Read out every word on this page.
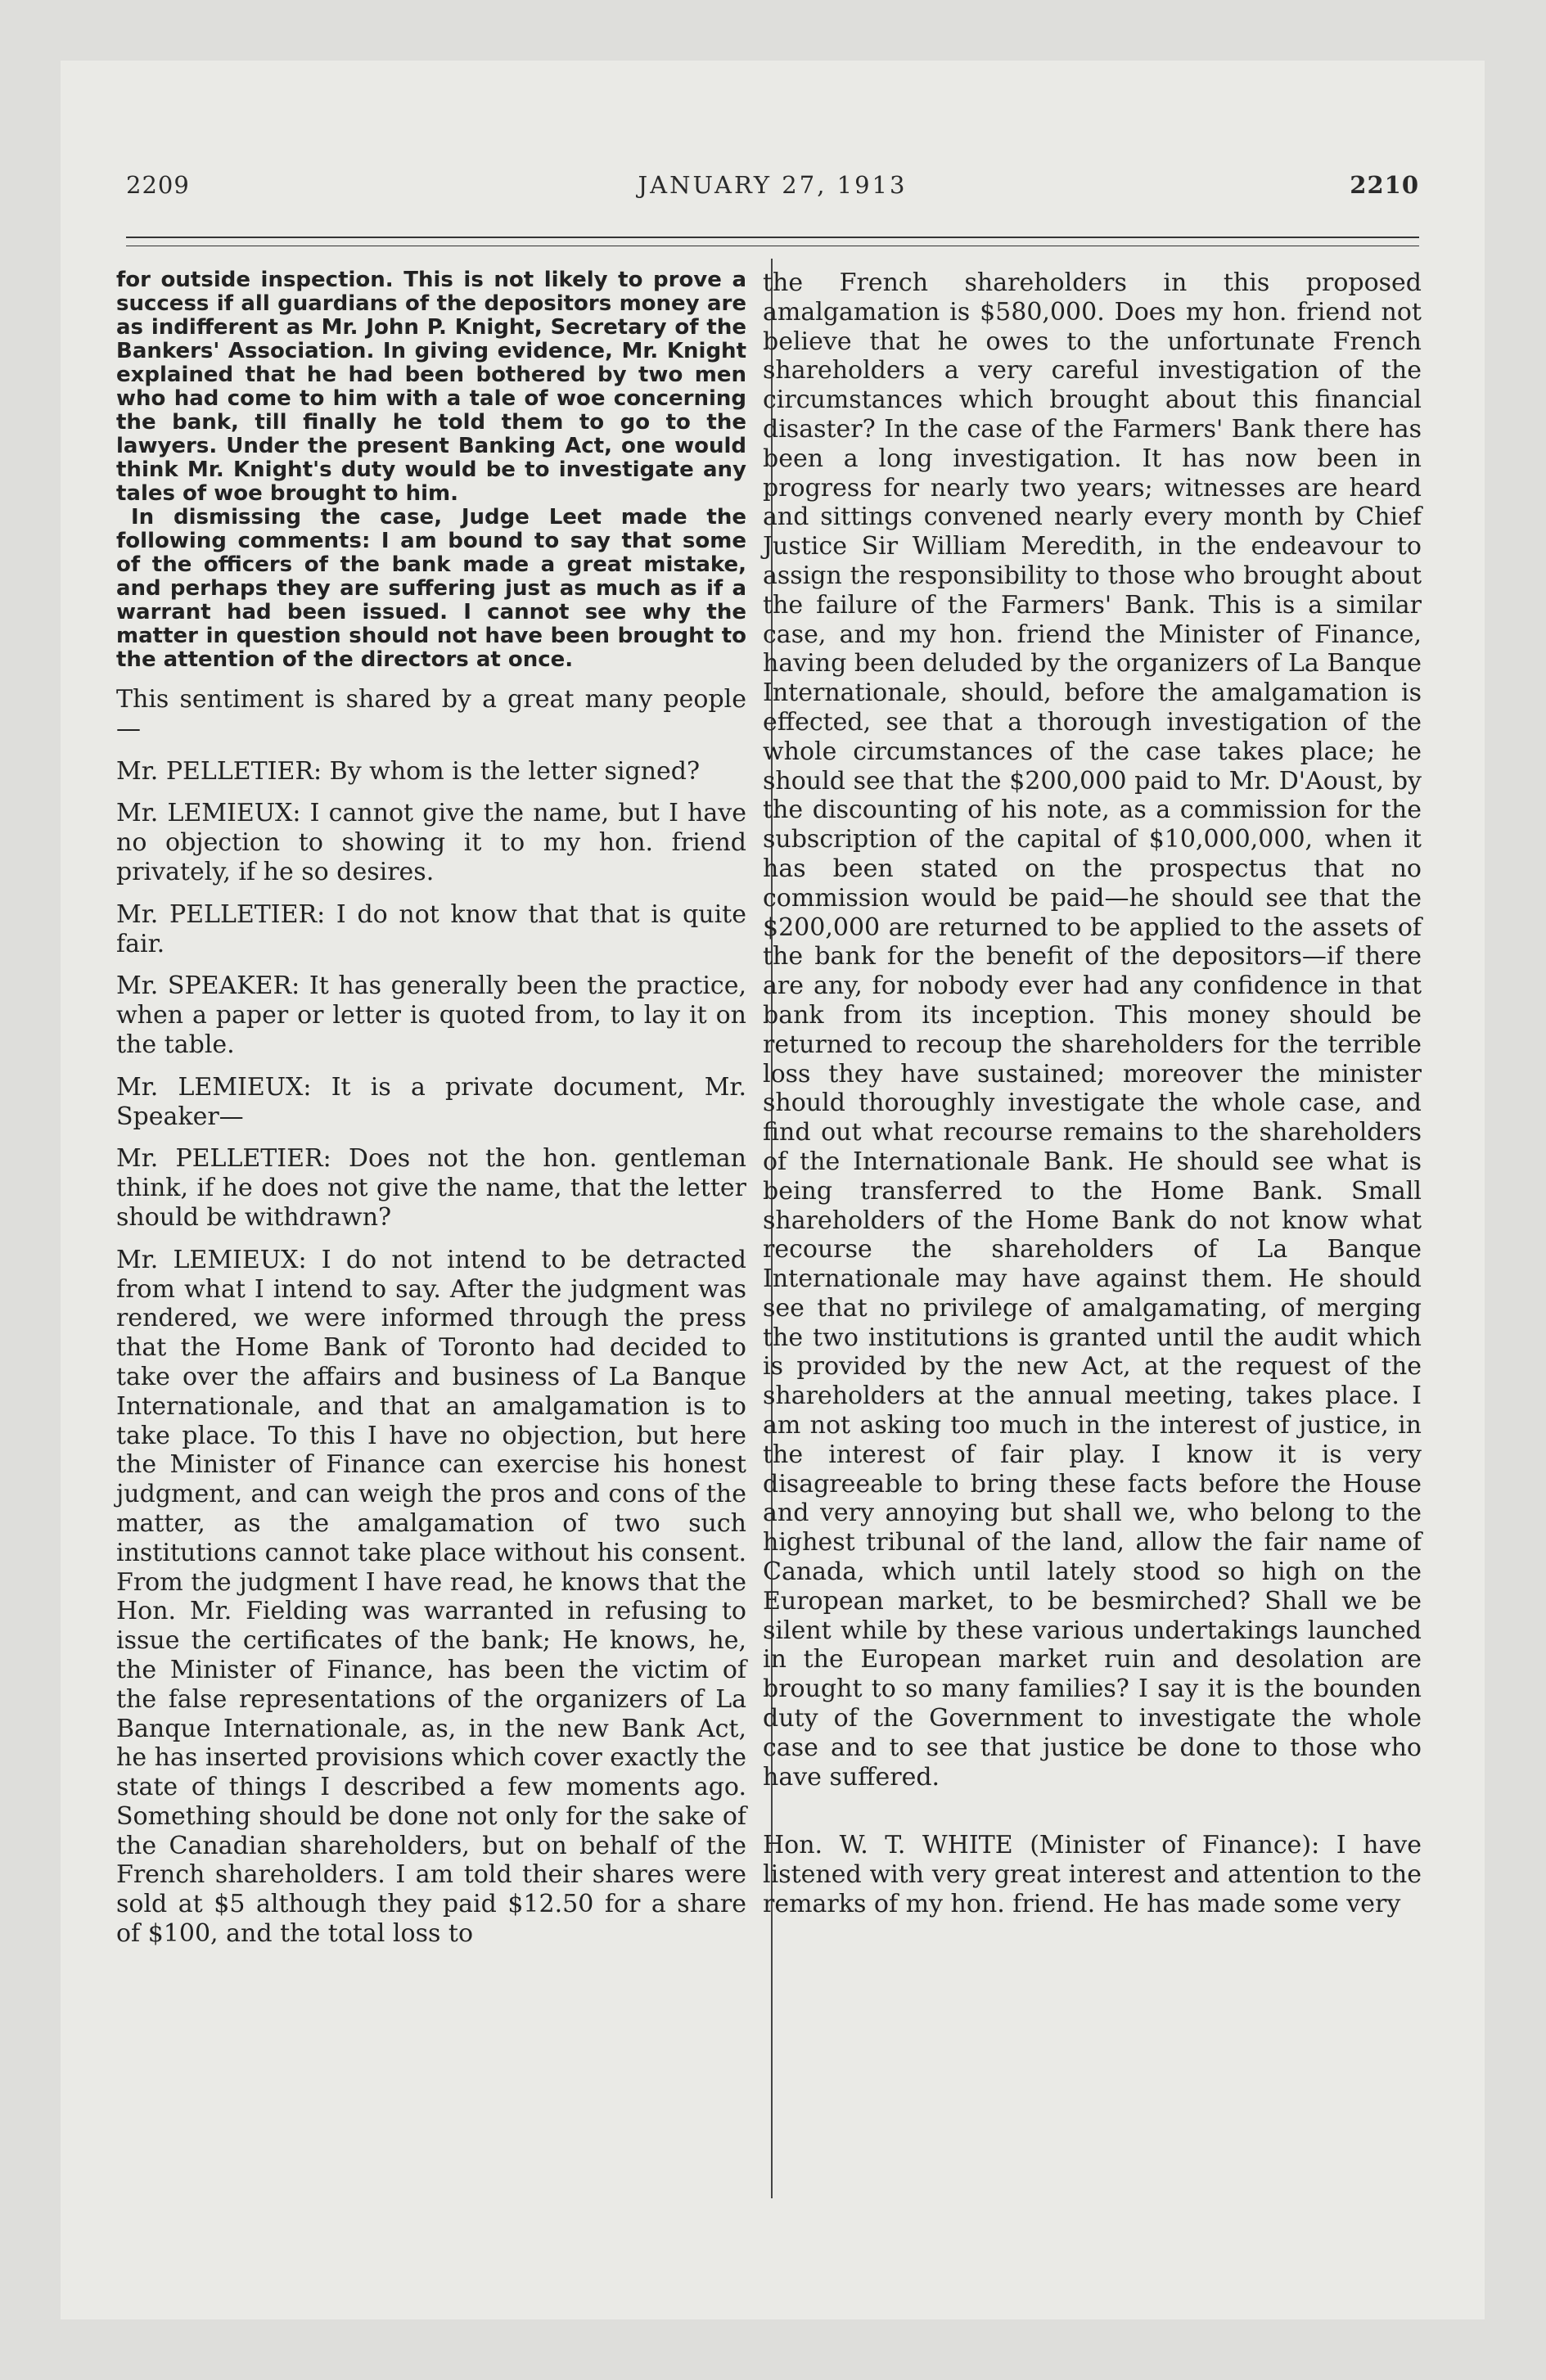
2209	JANUARY 27, 1913	2210

for outside inspection. This is not likely to prove a success if all guardians of the depositors money are as indifferent as Mr. John P. Knight, Secretary of the Bankers' Association. In giving evidence, Mr. Knight explained that he had been bothered by two men who had come to him with a tale of woe concerning the bank, till finally he told them to go to the lawyers. Under the present Banking Act, one would think Mr. Knight's duty would be to investigate any tales of woe brought to him.

In dismissing the case, Judge Leet made the following comments: I am bound to say that some of the officers of the bank made a great mistake, and perhaps they are suffering just as much as if a warrant had been issued. I cannot see why the matter in question should not have been brought to the attention of the directors at once.

This sentiment is shared by a great many people—

Mr. PELLETIER: By whom is the letter signed?

Mr. LEMIEUX: I cannot give the name, but I have no objection to showing it to my hon. friend privately, if he so desires.

Mr. PELLETIER: I do not know that that is quite fair.

Mr. SPEAKER: It has generally been the practice, when a paper or letter is quoted from, to lay it on the table.

Mr. LEMIEUX: It is a private document, Mr. Speaker—

Mr. PELLETIER: Does not the hon. gentleman think, if he does not give the name, that the letter should be withdrawn?

Mr. LEMIEUX: I do not intend to be detracted from what I intend to say. After the judgment was rendered, we were informed through the press that the Home Bank of Toronto had decided to take over the affairs and business of La Banque Internationale, and that an amalgamation is to take place. To this I have no objection, but here the Minister of Finance can exercise his honest judgment, and can weigh the pros and cons of the matter, as the amalgamation of two such institutions cannot take place without his consent. From the judgment I have read, he knows that the Hon. Mr. Fielding was warranted in refusing to issue the certificates of the bank; He knows, he, the Minister of Finance, has been the victim of the false representations of the organizers of La Banque Internationale, as, in the new Bank Act, he has inserted provisions which cover exactly the state of things I described a few moments ago. Something should be done not only for the sake of the Canadian shareholders, but on behalf of the French shareholders. I am told their shares were sold at $5 although they paid $12.50 for a share of $100, and the total loss to

the French shareholders in this proposed amalgamation is $580,000. Does my hon. friend not believe that he owes to the unfortunate French shareholders a very careful investigation of the circumstances which brought about this financial disaster? In the case of the Farmers' Bank there has been a long investigation. It has now been in progress for nearly two years; witnesses are heard and sittings convened nearly every month by Chief Justice Sir William Meredith, in the endeavour to assign the responsibility to those who brought about the failure of the Farmers' Bank. This is a similar case, and my hon. friend the Minister of Finance, having been deluded by the organizers of La Banque Internationale, should, before the amalgamation is effected, see that a thorough investigation of the whole circumstances of the case takes place; he should see that the $200,000 paid to Mr. D'Aoust, by the discounting of his note, as a commission for the subscription of the capital of $10,000,000, when it has been stated on the prospectus that no commission would be paid—he should see that the $200,000 are returned to be applied to the assets of the bank for the benefit of the depositors—if there are any, for nobody ever had any confidence in that bank from its inception. This money should be returned to recoup the shareholders for the terrible loss they have sustained; moreover the minister should thoroughly investigate the whole case, and find out what recourse remains to the shareholders of the Internationale Bank. He should see what is being transferred to the Home Bank. Small shareholders of the Home Bank do not know what recourse the shareholders of La Banque Internationale may have against them. He should see that no privilege of amalgamating, of merging the two institutions is granted until the audit which is provided by the new Act, at the request of the shareholders at the annual meeting, takes place. I am not asking too much in the interest of justice, in the interest of fair play. I know it is very disagreeable to bring these facts before the House and very annoying but shall we, who belong to the highest tribunal of the land, allow the fair name of Canada, which until lately stood so high on the European market, to be besmirched? Shall we be silent while by these various undertakings launched in the European market ruin and desolation are brought to so many families? I say it is the bounden duty of the Government to investigate the whole case and to see that justice be done to those who have suffered.

Hon. W. T. WHITE (Minister of Finance): I have listened with very great interest and attention to the remarks of my hon. friend. He has made some very
